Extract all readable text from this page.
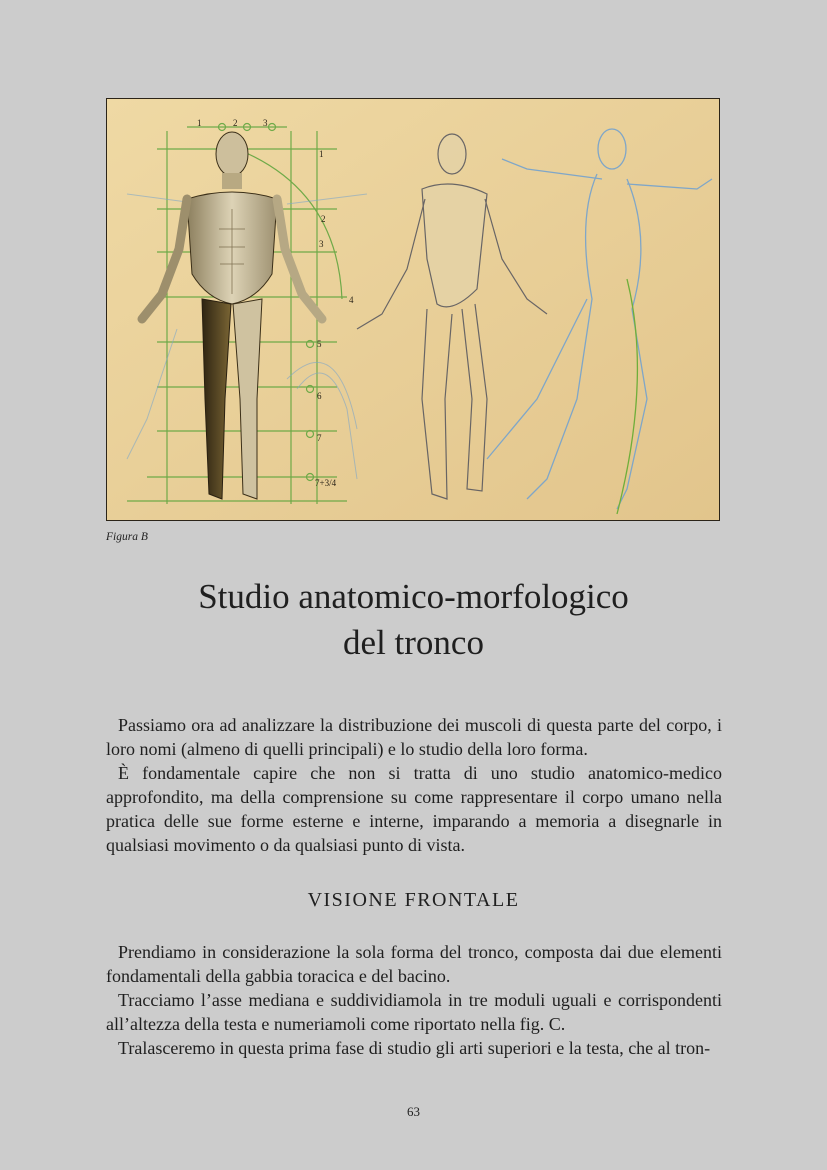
1	2	3
1
2
3
4
5
6
7
7+3/4
Figura B
Studio anatomico-morfologico
del tronco

Passiamo ora ad analizzare la distribuzione dei muscoli di questa parte del corpo, i loro nomi (almeno di quelli principali) e lo studio della loro forma.

È fondamentale capire che non si tratta di uno studio anatomico-medico approfondito, ma della comprensione su come rappresentare il corpo umano nella pratica delle sue forme esterne e interne, imparando a memoria a disegnarle in qualsiasi movimento o da qualsiasi punto di vista.

VISIONE FRONTALE

Prendiamo in considerazione la sola forma del tronco, composta dai due elementi fondamentali della gabbia toracica e del bacino.

Tracciamo l’asse mediana e suddividiamola in tre moduli uguali e corrispondenti all’altezza della testa e numeriamoli come riportato nella fig. C.

Tralasceremo in questa prima fase di studio gli arti superiori e la testa, che al tron-

63
